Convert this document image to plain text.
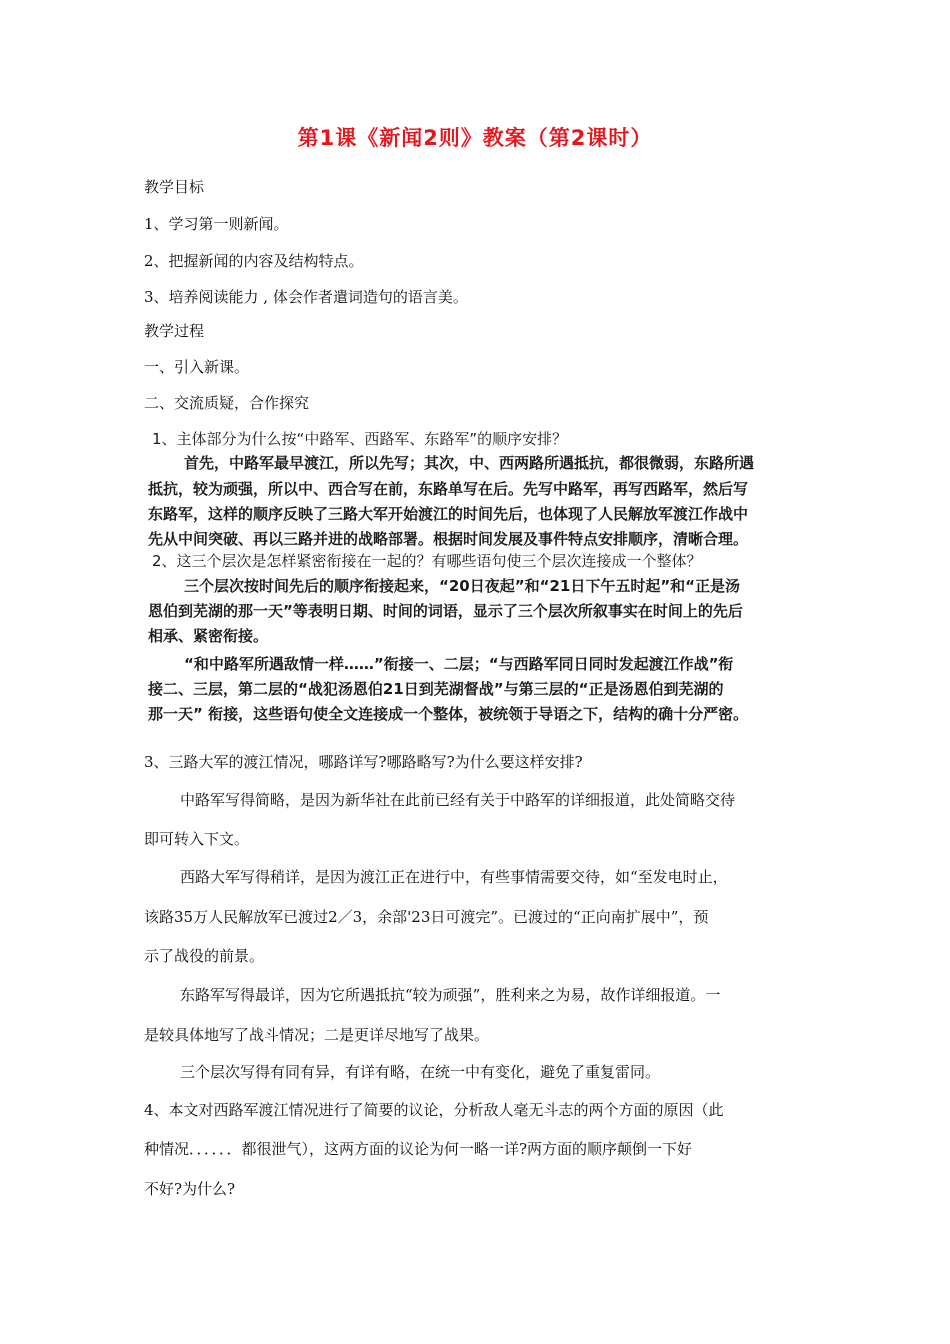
第1课《新闻2则》教案（第2课时）
教学目标
1、学习第一则新闻。
2、把握新闻的内容及结构特点。
3、培养阅读能力 , 体会作者遣词造句的语言美。
教学过程
一、引入新课。
二、交流质疑，合作探究
1、主体部分为什么按“中路军、西路军、东路军”的顺序安排？
首先，中路军最早渡江，所以先写；其次，中、西两路所遇抵抗，都很微弱，东路所遇
抵抗，较为顽强，所以中、西合写在前，东路单写在后。先写中路军，再写西路军，然后写
东路军，这样的顺序反映了三路大军开始渡江的时间先后，也体现了人民解放军渡江作战中
先从中间突破、再以三路并进的战略部署。根据时间发展及事件特点安排顺序，清晰合理。
2、这三个层次是怎样紧密衔接在一起的？有哪些语句使三个层次连接成一个整体？
三个层次按时间先后的顺序衔接起来，“20日夜起”和“21日下午五时起”和“正是汤
恩伯到芜湖的那一天”等表明日期、时间的词语，显示了三个层次所叙事实在时间上的先后
相承、紧密衔接。
“和中路军所遇敌情一样……”衔接一、二层；“与西路军同日同时发起渡江作战”衔
接二、三层，第二层的“战犯汤恩伯21日到芜湖督战”与第三层的“正是汤恩伯到芜湖的
那一天” 衔接，这些语句使全文连接成一个整体，被统领于导语之下，结构的确十分严密。
3、三路大军的渡江情况，哪路详写?哪路略写?为什么要这样安排?
中路军写得简略，是因为新华社在此前已经有关于中路军的详细报道，此处简略交待
即可转入下文。
西路大军写得稍详，是因为渡江正在进行中，有些事情需要交待，如“至发电时止，
该路35万人民解放军已渡过2／3，余部'23日可渡完”。已渡过的“正向南扩展中”，预
示了战役的前景。
东路军写得最详，因为它所遇抵抗“较为顽强”，胜利来之为易，故作详细报道。一
是较具体地写了战斗情况；二是更详尽地写了战果。
三个层次写得有同有异，有详有略，在统一中有变化，避免了重复雷同。
4、本文对西路军渡江情况进行了简要的议论，分析敌人毫无斗志的两个方面的原因（此
种情况．．．．．．都很泄气），这两方面的议论为何一略一详?两方面的顺序颠倒一下好
不好?为什么?
